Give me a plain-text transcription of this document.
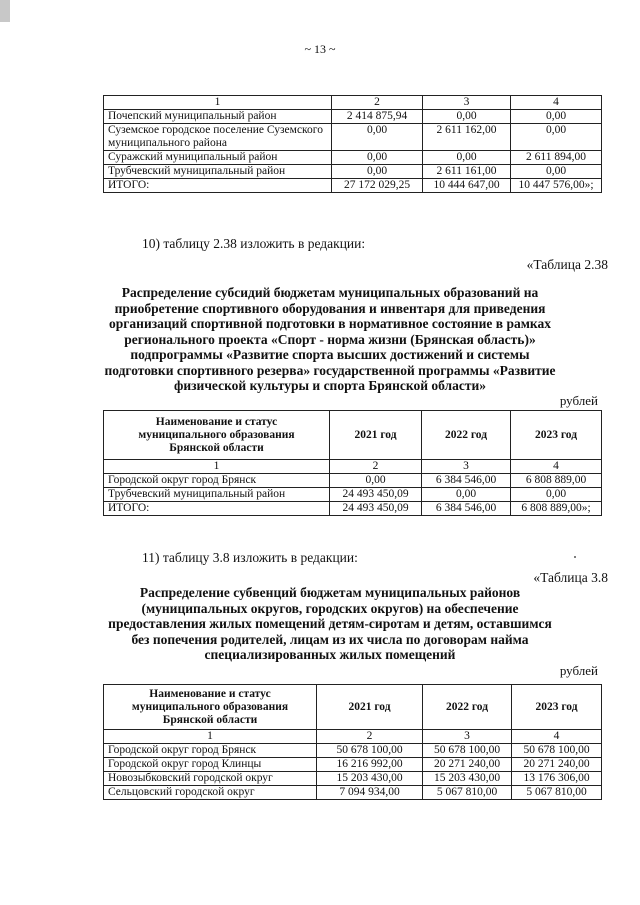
~ 13 ~
1	2	3	4
Почепский муниципальный район	2 414 875,94	0,00	0,00
Суземское городское поселение Суземского муниципального района	0,00	2 611 162,00	0,00
Суражский муниципальный район	0,00	0,00	2 611 894,00
Трубчевский муниципальный район	0,00	2 611 161,00	0,00
ИТОГО:	27 172 029,25	10 444 647,00	10 447 576,00»;
10) таблицу 2.38 изложить в редакции:
«Таблица 2.38
Распределение субсидий бюджетам муниципальных образований на приобретение спортивного оборудования и инвентаря для приведения организаций спортивной подготовки в нормативное состояние в рамках регионального проекта «Спорт - норма жизни (Брянская область)» подпрограммы «Развитие спорта высших достижений и системы подготовки спортивного резерва» государственной программы «Развитие физической культуры и спорта Брянской области»
рублей
Наименование и статус муниципального образования Брянской области	2021 год	2022 год	2023 год
1	2	3	4
Городской округ город Брянск	0,00	6 384 546,00	6 808 889,00
Трубчевский муниципальный район	24 493 450,09	0,00	0,00
ИТОГО:	24 493 450,09	6 384 546,00	6 808 889,00»;
11) таблицу 3.8 изложить в редакции:
«Таблица 3.8
Распределение субвенций бюджетам муниципальных районов (муниципальных округов, городских округов) на обеспечение предоставления жилых помещений детям-сиротам и детям, оставшимся без попечения родителей, лицам из их числа по договорам найма специализированных жилых помещений
рублей
Наименование и статус муниципального образования Брянской области	2021 год	2022 год	2023 год
1	2	3	4
Городской округ город Брянск	50 678 100,00	50 678 100,00	50 678 100,00
Городской округ город Клинцы	16 216 992,00	20 271 240,00	20 271 240,00
Новозыбковский городской округ	15 203 430,00	15 203 430,00	13 176 306,00
Сельцовский городской округ	7 094 934,00	5 067 810,00	5 067 810,00
